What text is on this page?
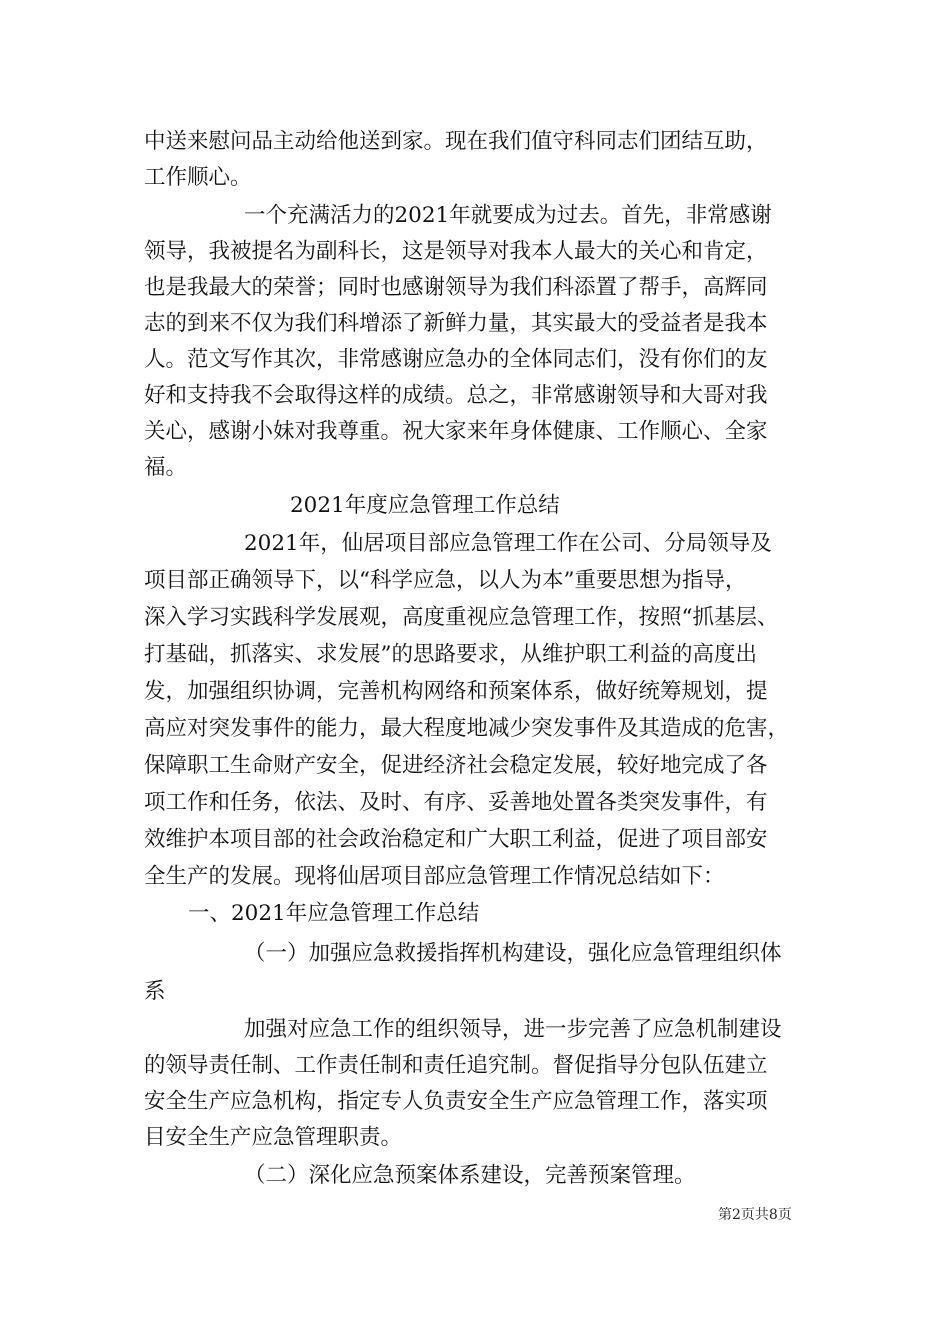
中送来慰问品主动给他送到家。现在我们值守科同志们团结互助，
工作顺心。
一个充满活力的2021年就要成为过去。首先，非常感谢
领导，我被提名为副科长，这是领导对我本人最大的关心和肯定，
也是我最大的荣誉；同时也感谢领导为我们科添置了帮手，高辉同
志的到来不仅为我们科增添了新鲜力量，其实最大的受益者是我本
人。范文写作其次，非常感谢应急办的全体同志们，没有你们的友
好和支持我不会取得这样的成绩。总之，非常感谢领导和大哥对我
关心，感谢小妹对我尊重。祝大家来年身体健康、工作顺心、全家
福。
2021年度应急管理工作总结
2021年，仙居项目部应急管理工作在公司、分局领导及
项目部正确领导下，以“科学应急，以人为本”重要思想为指导，
深入学习实践科学发展观，高度重视应急管理工作，按照“抓基层、
打基础，抓落实、求发展”的思路要求，从维护职工利益的高度出
发，加强组织协调，完善机构网络和预案体系，做好统筹规划，提
高应对突发事件的能力，最大程度地减少突发事件及其造成的危害，
保障职工生命财产安全，促进经济社会稳定发展，较好地完成了各
项工作和任务，依法、及时、有序、妥善地处置各类突发事件，有
效维护本项目部的社会政治稳定和广大职工利益，促进了项目部安
全生产的发展。现将仙居项目部应急管理工作情况总结如下：
一、2021年应急管理工作总结
（一）加强应急救援指挥机构建设，强化应急管理组织体
系
加强对应急工作的组织领导，进一步完善了应急机制建设
的领导责任制、工作责任制和责任追究制。督促指导分包队伍建立
安全生产应急机构，指定专人负责安全生产应急管理工作，落实项
目安全生产应急管理职责。
（二）深化应急预案体系建设，完善预案管理。
第2页共8页
